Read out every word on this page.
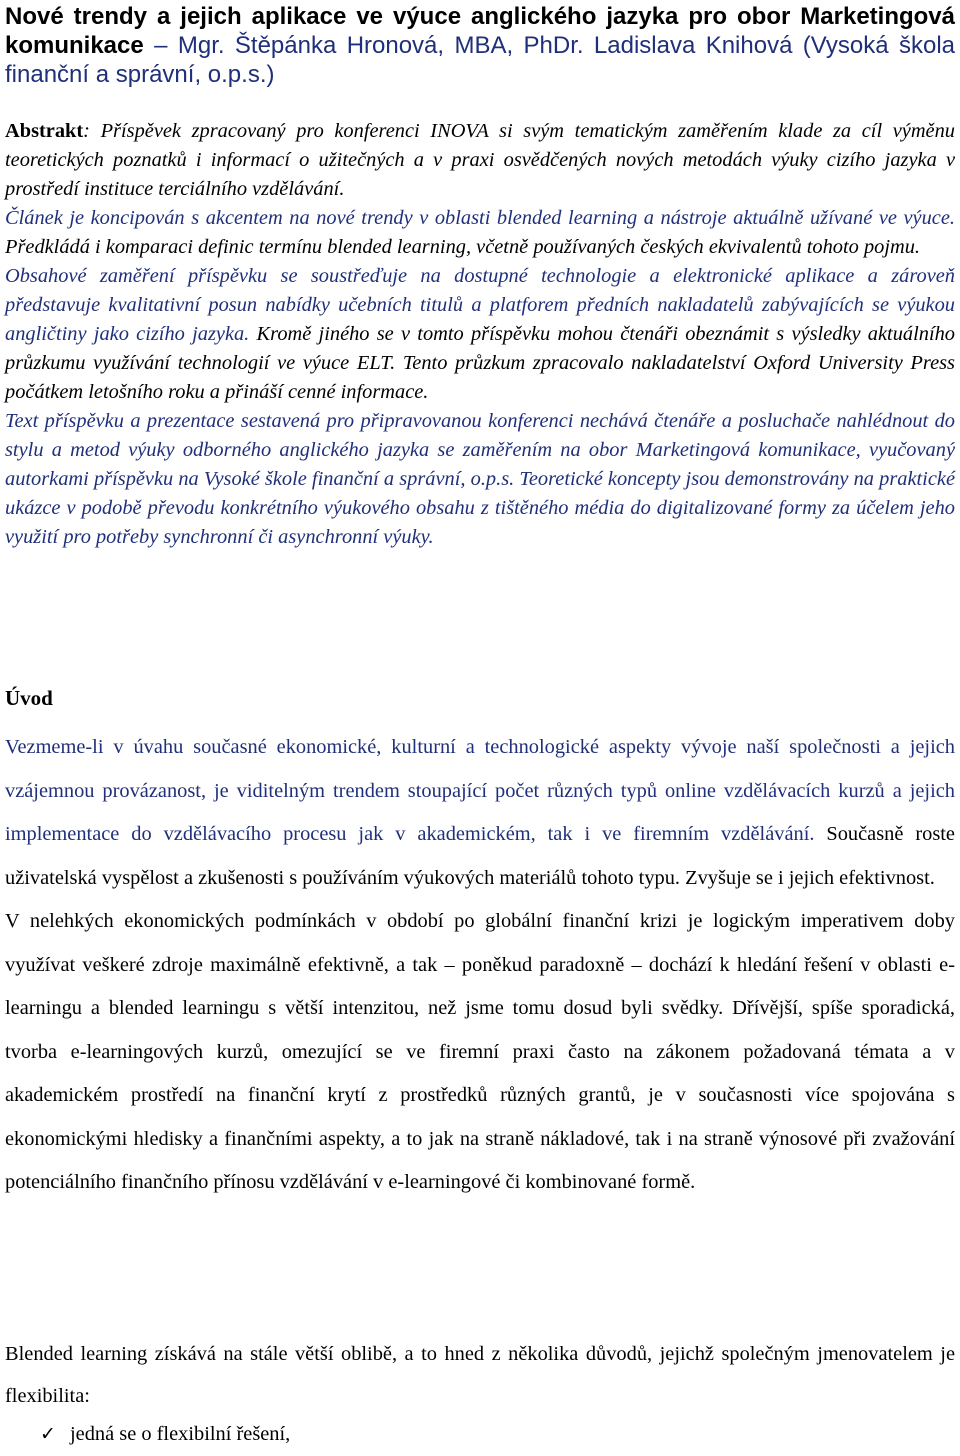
Nové trendy a jejich aplikace ve výuce anglického jazyka pro obor Marketingová komunikace – Mgr. Štěpánka Hronová, MBA, PhDr. Ladislava Knihová (Vysoká škola finanční a správní, o.p.s.)

Abstrakt: Příspěvek zpracovaný pro konferenci INOVA si svým tematickým zaměřením klade za cíl výměnu teoretických poznatků i informací o užitečných a v praxi osvědčených nových metodách výuky cizího jazyka v prostředí instituce terciálního vzdělávání.

Článek je koncipován s akcentem na nové trendy v oblasti blended learning a nástroje aktuálně užívané ve výuce. Předkládá i komparaci definic termínu blended learning, včetně používaných českých ekvivalentů tohoto pojmu.

Obsahové zaměření příspěvku se soustřeďuje na dostupné technologie a elektronické aplikace a zároveň představuje kvalitativní posun nabídky učebních titulů a platforem předních nakladatelů zabývajících se výukou angličtiny jako cizího jazyka. Kromě jiného se v tomto příspěvku mohou čtenáři obeznámit s výsledky aktuálního průzkumu využívání technologií ve výuce ELT. Tento průzkum zpracovalo nakladatelství Oxford University Press počátkem letošního roku a přináší cenné informace.

Text příspěvku a prezentace sestavená pro připravovanou konferenci nechává čtenáře a posluchače nahlédnout do stylu a metod výuky odborného anglického jazyka se zaměřením na obor Marketingová komunikace, vyučovaný autorkami příspěvku na Vysoké škole finanční a správní, o.p.s. Teoretické koncepty jsou demonstrovány na praktické ukázce v podobě převodu konkrétního výukového obsahu z tištěného média do digitalizované formy za účelem jeho využití pro potřeby synchronní či asynchronní výuky.

Úvod

Vezmeme-li v úvahu současné ekonomické, kulturní a technologické aspekty vývoje naší společnosti a jejich vzájemnou provázanost, je viditelným trendem stoupající počet různých typů online vzdělávacích kurzů a jejich implementace do vzdělávacího procesu jak v akademickém, tak i ve firemním vzdělávání. Současně roste uživatelská vyspělost a zkušenosti s používáním výukových materiálů tohoto typu. Zvyšuje se i jejich efektivnost.

V nelehkých ekonomických podmínkách v období po globální finanční krizi je logickým imperativem doby využívat veškeré zdroje maximálně efektivně, a tak – poněkud paradoxně – dochází k hledání řešení v oblasti e-learningu a blended learningu s větší intenzitou, než jsme tomu dosud byli svědky. Dřívější, spíše sporadická, tvorba e-learningových kurzů, omezující se ve firemní praxi často na zákonem požadovaná témata a v akademickém prostředí na finanční krytí z prostředků různých grantů, je v současnosti více spojována s ekonomickými hledisky a finančními aspekty, a to jak na straně nákladové, tak i na straně výnosové při zvažování potenciálního finančního přínosu vzdělávání v e-learningové či kombinované formě.

Blended learning získává na stále větší oblibě, a to hned z několika důvodů, jejichž společným jmenovatelem je flexibilita:

✓ jedná se o flexibilní řešení,
